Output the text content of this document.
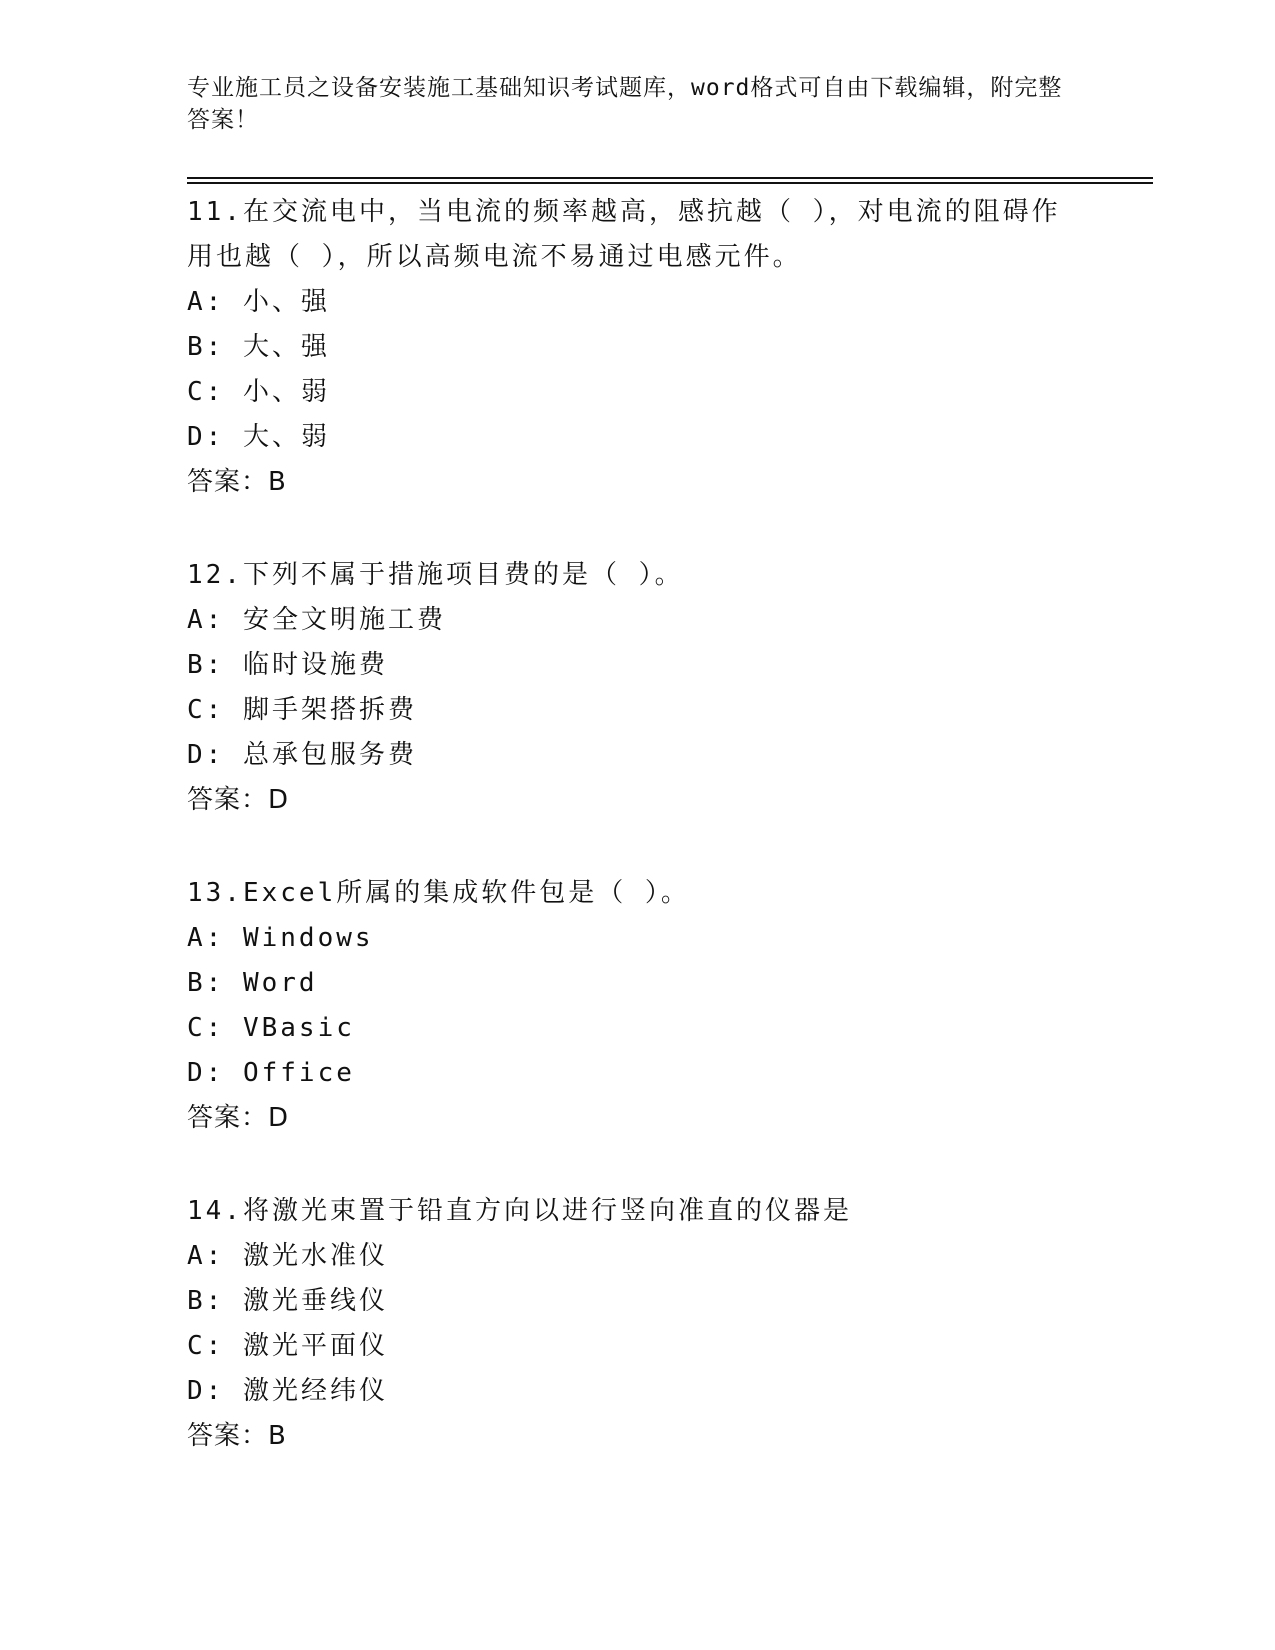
专业施工员之设备安装施工基础知识考试题库，word格式可自由下载编辑，附完整答案！

11.在交流电中，当电流的频率越高，感抗越（ ），对电流的阻碍作用也越（ ），所以高频电流不易通过电感元件。

A: 小、强

B: 大、强

C: 小、弱

D: 大、弱

答案：B

12.下列不属于措施项目费的是（ ）。

A: 安全文明施工费

B: 临时设施费

C: 脚手架搭拆费

D: 总承包服务费

答案：D

13.Excel所属的集成软件包是（ ）。

A: Windows

B: Word

C: VBasic

D: Office

答案：D

14.将激光束置于铅直方向以进行竖向准直的仪器是

A: 激光水准仪

B: 激光垂线仪

C: 激光平面仪

D: 激光经纬仪

答案：B
